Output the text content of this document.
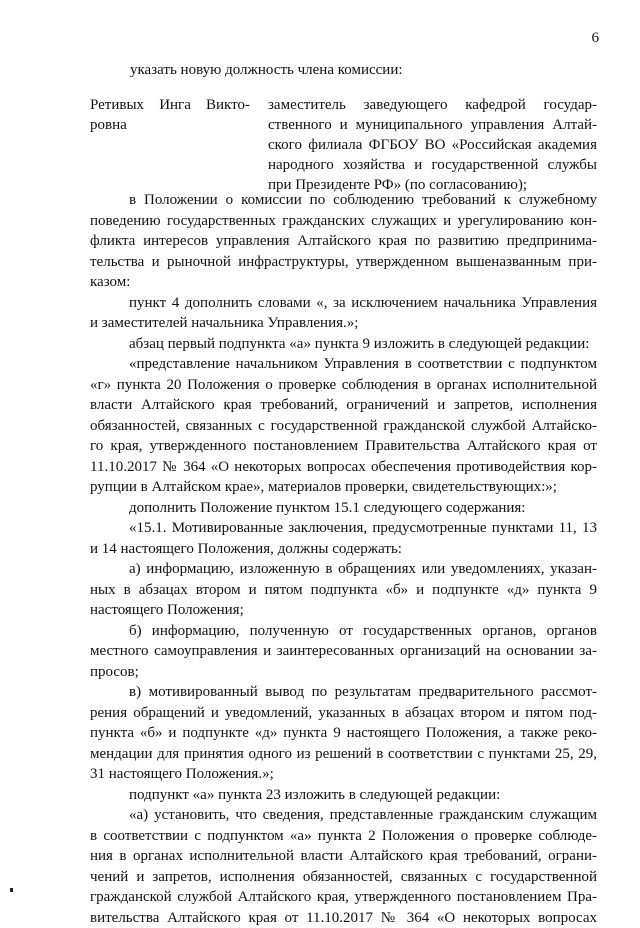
6
указать новую должность члена комиссии:
Ретивых Инга Викто-
ровна
заместитель заведующего кафедрой государ-
ственного и муниципального управления Алтай-
ского филиала ФГБОУ ВО «Российская академия
народного хозяйства и государственной службы
при Президенте РФ» (по согласованию);
в Положении о комиссии по соблюдению требований к служебному
поведению государственных гражданских служащих и урегулированию кон-
фликта интересов управления Алтайского края по развитию предпринима-
тельства и рыночной инфраструктуры, утвержденном вышеназванным при-
казом:
пункт 4 дополнить словами «, за исключением начальника Управления
и заместителей начальника Управления.»;
абзац первый подпункта «а» пункта 9 изложить в следующей редакции:
«представление начальником Управления в соответствии с подпунктом
«г» пункта 20 Положения о проверке соблюдения в органах исполнительной
власти Алтайского края требований, ограничений и запретов, исполнения
обязанностей, связанных с государственной гражданской службой Алтайско-
го края, утвержденного постановлением Правительства Алтайского края от
11.10.2017 № 364 «О некоторых вопросах обеспечения противодействия кор-
рупции в Алтайском крае», материалов проверки, свидетельствующих:»;
дополнить Положение пунктом 15.1 следующего содержания:
«15.1. Мотивированные заключения, предусмотренные пунктами 11, 13
и 14 настоящего Положения, должны содержать:
а) информацию, изложенную в обращениях или уведомлениях, указан-
ных в абзацах втором и пятом подпункта «б» и подпункте «д» пункта 9
настоящего Положения;
б) информацию, полученную от государственных органов, органов
местного самоуправления и заинтересованных организаций на основании за-
просов;
в) мотивированный вывод по результатам предварительного рассмот-
рения обращений и уведомлений, указанных в абзацах втором и пятом под-
пункта «б» и подпункте «д» пункта 9 настоящего Положения, а также реко-
мендации для принятия одного из решений в соответствии с пунктами 25, 29,
31 настоящего Положения.»;
подпункт «а» пункта 23 изложить в следующей редакции:
«а) установить, что сведения, представленные гражданским служащим
в соответствии с подпунктом «а» пункта 2 Положения о проверке соблюде-
ния в органах исполнительной власти Алтайского края требований, ограни-
чений и запретов, исполнения обязанностей, связанных с государственной
гражданской службой Алтайского края, утвержденного постановлением Пра-
вительства Алтайского края от 11.10.2017 № 364 «О некоторых вопросах
